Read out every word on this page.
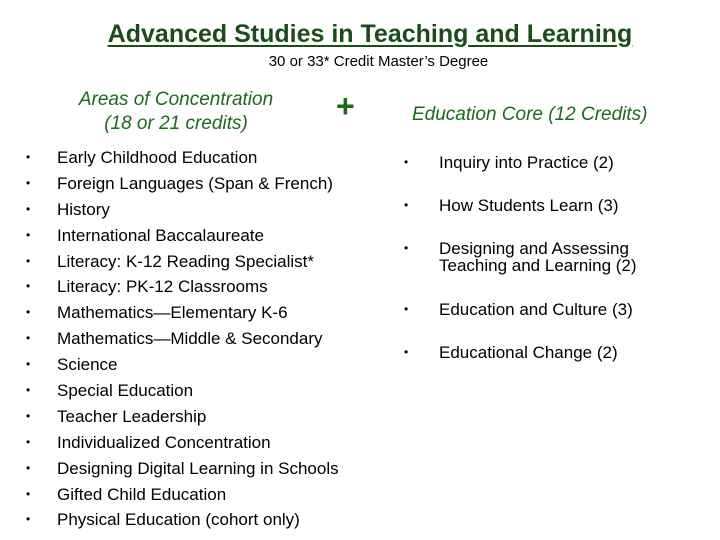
Advanced Studies in Teaching and Learning
30 or 33* Credit Master’s Degree
Areas of Concentration
(18 or 21 credits)	+	Education Core (12 Credits)
• Early Childhood Education
• Foreign Languages (Span & French)
• History
• International Baccalaureate
• Literacy: K-12 Reading Specialist*
• Literacy: PK-12 Classrooms
• Mathematics—Elementary K-6
• Mathematics—Middle & Secondary
• Science
• Special Education
• Teacher Leadership
• Individualized Concentration
• Designing Digital Learning in Schools
• Gifted Child Education
• Physical Education (cohort only)
• Inquiry into Practice (2)
• How Students Learn (3)
• Designing and Assessing Teaching and Learning (2)
• Education and Culture (3)
• Educational Change (2)
